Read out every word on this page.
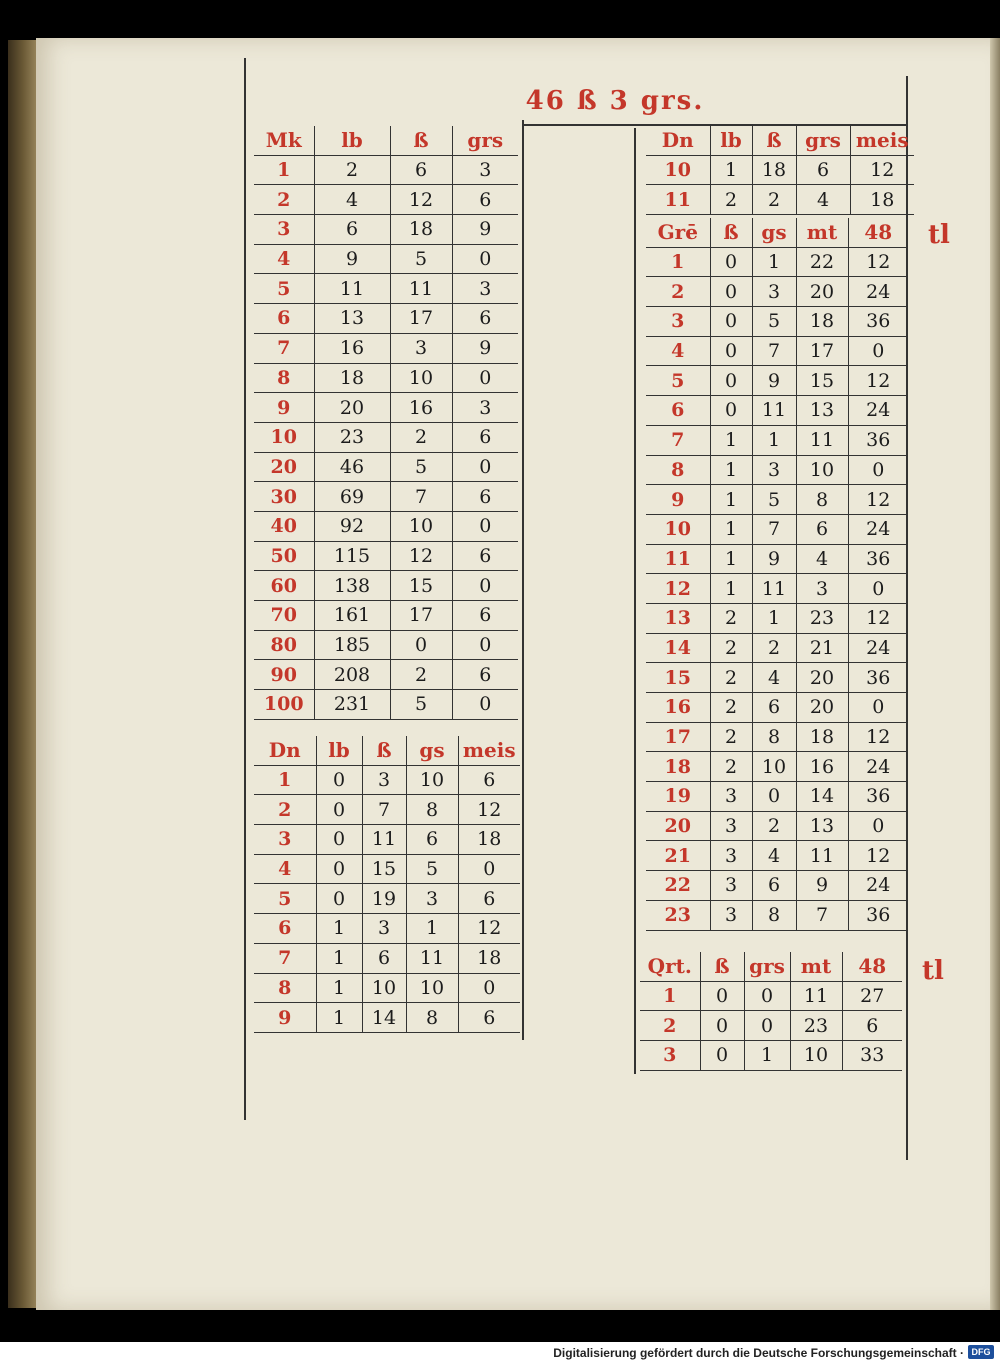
46 ß 3 grs.
Mk	lb	ß	grs
1	2	6	3
2	4	12	6
3	6	18	9
4	9	5	0
5	11	11	3
6	13	17	6
7	16	3	9
8	18	10	0
9	20	16	3
10	23	2	6
20	46	5	0
30	69	7	6
40	92	10	0
50	115	12	6
60	138	15	0
70	161	17	6
80	185	0	0
90	208	2	6
100	231	5	0
Dn	lb	ß	gs	meis
1	0	3	10	6
2	0	7	8	12
3	0	11	6	18
4	0	15	5	0
5	0	19	3	6
6	1	3	1	12
7	1	6	11	18
8	1	10	10	0
9	1	14	8	6
Dn	lb	ß	grs	meis
10	1	18	6	12
11	2	2	4	18
Grē	ß	gs	mt	48
1	0	1	22	12
2	0	3	20	24
3	0	5	18	36
4	0	7	17	0
5	0	9	15	12
6	0	11	13	24
7	1	1	11	36
8	1	3	10	0
9	1	5	8	12
10	1	7	6	24
11	1	9	4	36
12	1	11	3	0
13	2	1	23	12
14	2	2	21	24
15	2	4	20	36
16	2	6	20	0
17	2	8	18	12
18	2	10	16	24
19	3	0	14	36
20	3	2	13	0
21	3	4	11	12
22	3	6	9	24
23	3	8	7	36
tl
Qrt.	ß	grs	mt	48
1	0	0	11	27
2	0	0	23	6
3	0	1	10	33
tl
Digitalisierung gefördert durch die Deutsche Forschungsgemeinschaft · DFG
